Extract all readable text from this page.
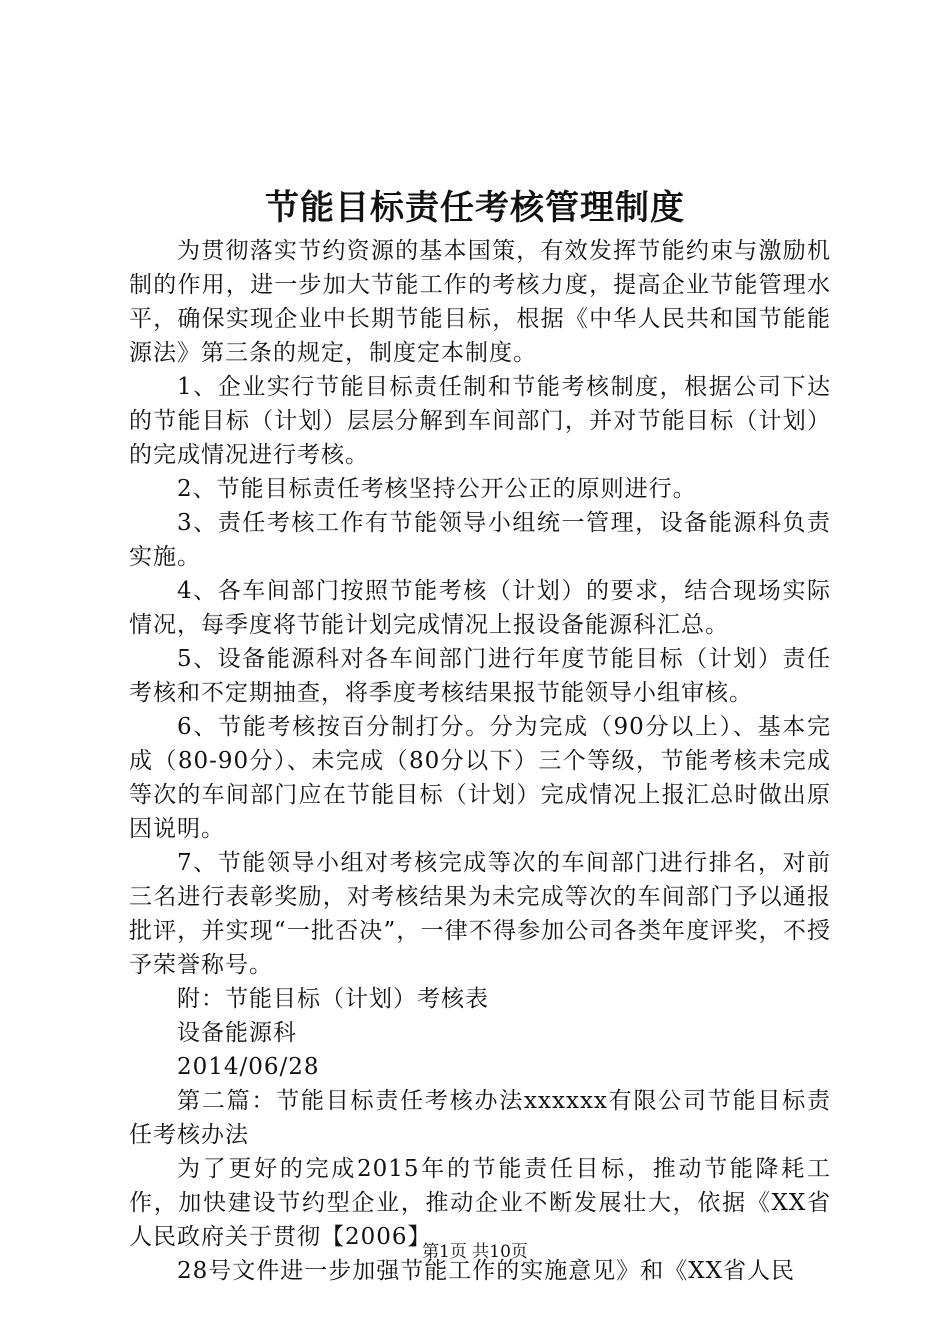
节能目标责任考核管理制度

为贯彻落实节约资源的基本国策，有效发挥节能约束与激励机制的作用，进一步加大节能工作的考核力度，提高企业节能管理水平，确保实现企业中长期节能目标，根据《中华人民共和国节能能源法》第三条的规定，制度定本制度。

1、企业实行节能目标责任制和节能考核制度，根据公司下达的节能目标（计划）层层分解到车间部门，并对节能目标（计划）的完成情况进行考核。

2、节能目标责任考核坚持公开公正的原则进行。

3、责任考核工作有节能领导小组统一管理，设备能源科负责实施。

4、各车间部门按照节能考核（计划）的要求，结合现场实际情况，每季度将节能计划完成情况上报设备能源科汇总。

5、设备能源科对各车间部门进行年度节能目标（计划）责任考核和不定期抽查，将季度考核结果报节能领导小组审核。

6、节能考核按百分制打分。分为完成（90分以上）、基本完成（80-90分）、未完成（80分以下）三个等级，节能考核未完成等次的车间部门应在节能目标（计划）完成情况上报汇总时做出原因说明。

7、节能领导小组对考核完成等次的车间部门进行排名，对前三名进行表彰奖励，对考核结果为未完成等次的车间部门予以通报批评，并实现“一批否决”，一律不得参加公司各类年度评奖，不授予荣誉称号。

附：节能目标（计划）考核表

设备能源科

2014/06/28

第二篇：节能目标责任考核办法xxxxxx有限公司节能目标责任考核办法

为了更好的完成2015年的节能责任目标，推动节能降耗工作，加快建设节约型企业，推动企业不断发展壮大，依据《XX省人民政府关于贯彻【2006】

28号文件进一步加强节能工作的实施意见》和《XX省人民

第1页 共10页
